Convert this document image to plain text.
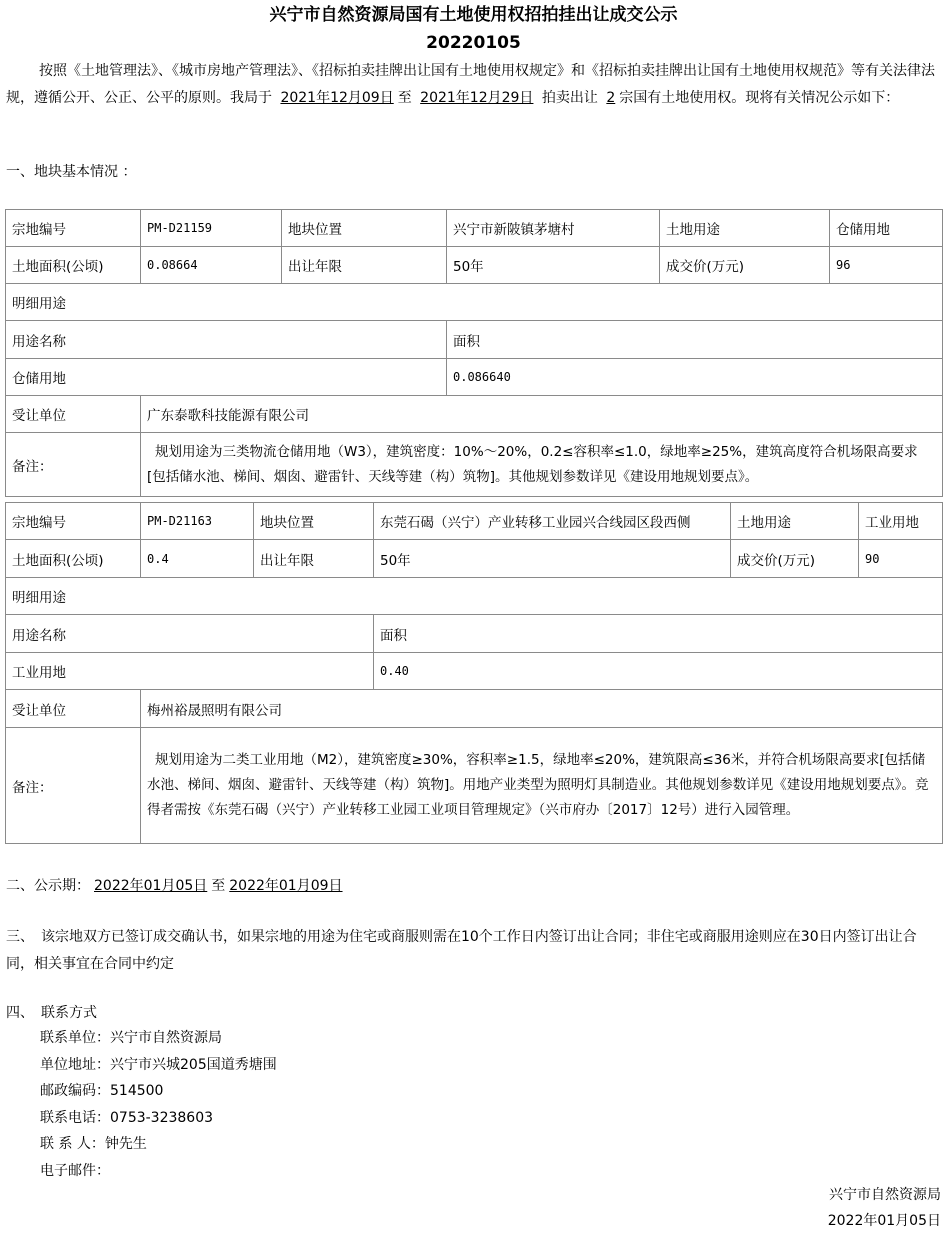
兴宁市自然资源局国有土地使用权招拍挂出让成交公示
20220105
按照《土地管理法》、《城市房地产管理法》、《招标拍卖挂牌出让国有土地使用权规定》和《招标拍卖挂牌出让国有土地使用权规范》等有关法律法规，遵循公开、公正、公平的原则。我局于 2021年12月09日 至 2021年12月29日 拍卖出让 2 宗国有土地使用权。现将有关情况公示如下：
一、地块基本情况 ：
宗地编号	PM-D21159	地块位置	兴宁市新陂镇茅塘村	土地用途	仓储用地
土地面积(公顷)	0.08664	出让年限	50年	成交价(万元)	96
明细用途					
用途名称			面积		
仓储用地			0.086640		
受让单位	广东泰歌科技能源有限公司				
备注：	规划用途为三类物流仓储用地（W3），建筑密度：10%～20%，0.2≤容积率≤1.0，绿地率≥25%，建筑高度符合机场限高要求[包括储水池、梯间、烟囱、避雷针、天线等建（构）筑物]。其他规划参数详见《建设用地规划要点》。				
宗地编号	PM-D21163	地块位置	东莞石碣（兴宁）产业转移工业园兴合线园区段西侧	土地用途	工业用地
土地面积(公顷)	0.4	出让年限	50年	成交价(万元)	90
明细用途					
用途名称			面积		
工业用地			0.40		
受让单位	梅州裕晟照明有限公司				
备注：	规划用途为二类工业用地（M2），建筑密度≥30%，容积率≥1.5，绿地率≤20%，建筑限高≤36米，并符合机场限高要求[包括储水池、梯间、烟囱、避雷针、天线等建（构）筑物]。用地产业类型为照明灯具制造业。其他规划参数详见《建设用地规划要点》。竞得者需按《东莞石碣（兴宁）产业转移工业园工业项目管理规定》（兴市府办〔2017〕12号）进行入园管理。				
二、公示期： 2022年01月05日 至 2022年01月09日
三、　该宗地双方已签订成交确认书，如果宗地的用途为住宅或商服则需在10个工作日内签订出让合同；非住宅或商服用途则应在30日内签订出让合同，相关事宜在合同中约定
四、　联系方式
联系单位：兴宁市自然资源局
单位地址：兴宁市兴城205国道秀塘围
邮政编码：514500
联系电话：0753-3238603
联 系 人：钟先生
电子邮件：
兴宁市自然资源局
2022年01月05日
